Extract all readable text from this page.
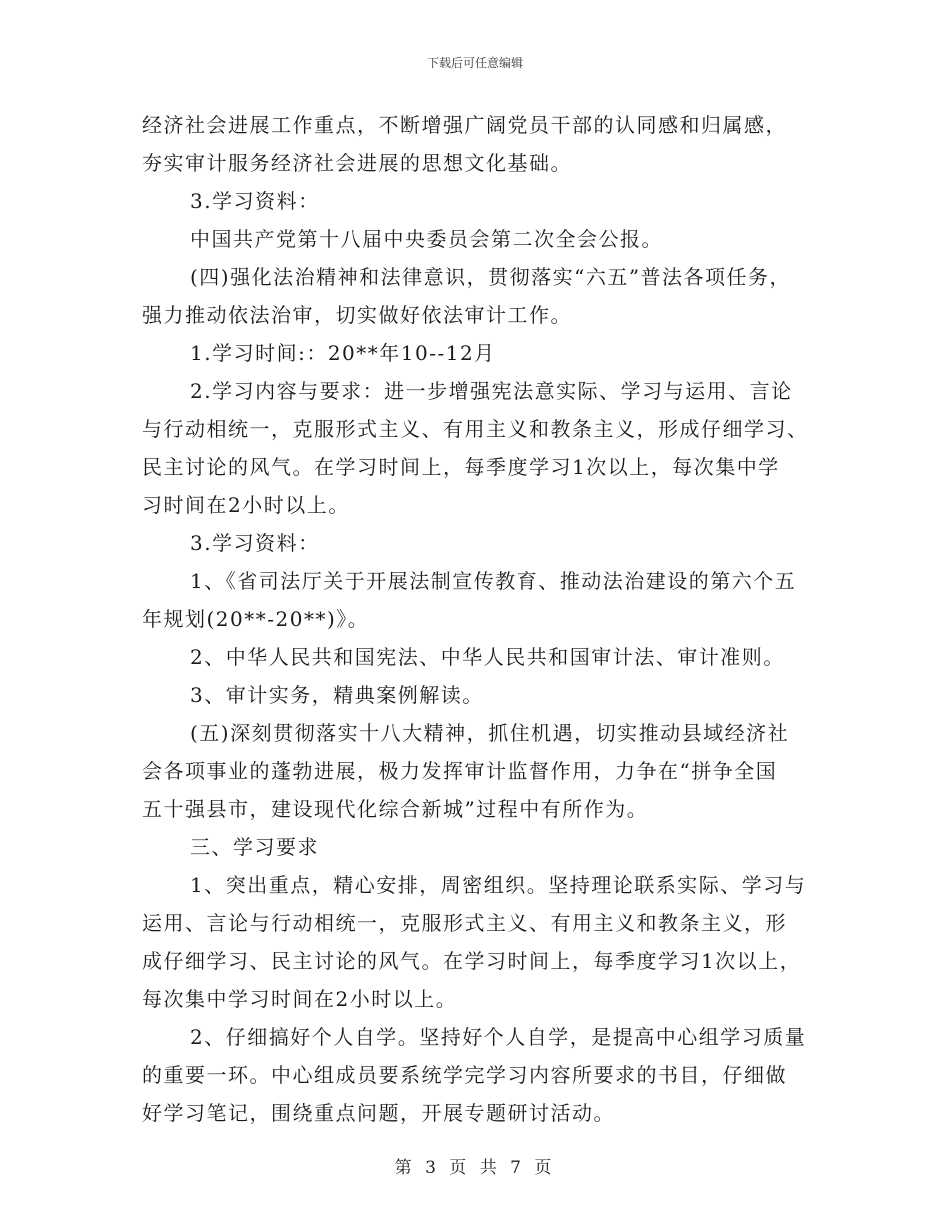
下载后可任意编辑
经济社会进展工作重点，不断增强广阔党员干部的认同感和归属感，
夯实审计服务经济社会进展的思想文化基础。
3.学习资料：
中国共产党第十八届中央委员会第二次全会公报。
(四)强化法治精神和法律意识，贯彻落实“六五”普法各项任务，
强力推动依法治审，切实做好依法审计工作。
1.学习时间:：20**年10--12月
2.学习内容与要求：进一步增强宪法意实际、学习与运用、言论
与行动相统一，克服形式主义、有用主义和教条主义，形成仔细学习、
民主讨论的风气。在学习时间上，每季度学习1次以上，每次集中学
习时间在2小时以上。
3.学习资料：
1、《省司法厅关于开展法制宣传教育、推动法治建设的第六个五
年规划(20**-20**)》。
2、中华人民共和国宪法、中华人民共和国审计法、审计准则。
3、审计实务，精典案例解读。
(五)深刻贯彻落实十八大精神，抓住机遇，切实推动县域经济社
会各项事业的蓬勃进展，极力发挥审计监督作用，力争在“拼争全国
五十强县市，建设现代化综合新城”过程中有所作为。
三、学习要求
1、突出重点，精心安排，周密组织。坚持理论联系实际、学习与
运用、言论与行动相统一，克服形式主义、有用主义和教条主义，形
成仔细学习、民主讨论的风气。在学习时间上，每季度学习1次以上，
每次集中学习时间在2小时以上。
2、仔细搞好个人自学。坚持好个人自学，是提高中心组学习质量
的重要一环。中心组成员要系统学完学习内容所要求的书目，仔细做
好学习笔记，围绕重点问题，开展专题研讨活动。
第 3 页 共 7 页
